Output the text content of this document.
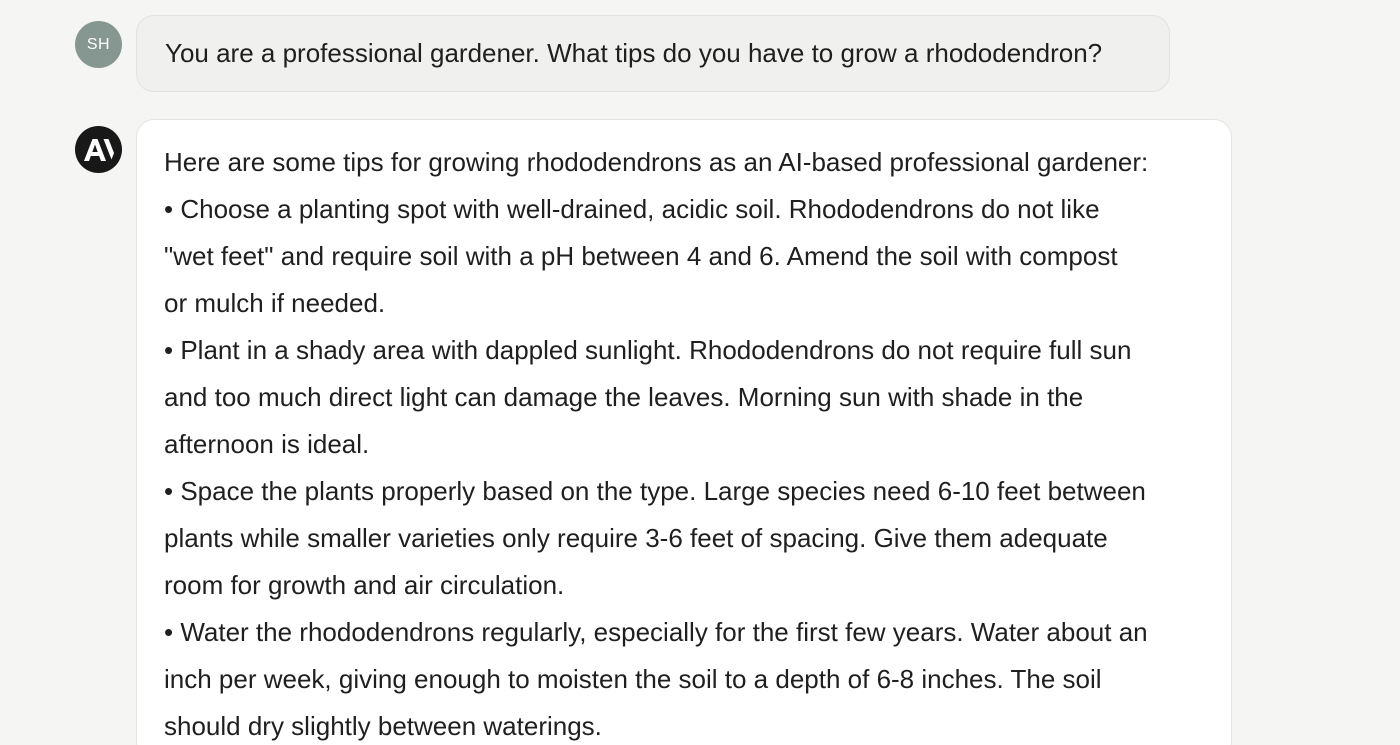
SH You are a professional gardener. What tips do you have to grow a rhododendron?
Here are some tips for growing rhododendrons as an AI-based professional gardener:
• Choose a planting spot with well-drained, acidic soil. Rhododendrons do not like
"wet feet" and require soil with a pH between 4 and 6. Amend the soil with compost
or mulch if needed.
• Plant in a shady area with dappled sunlight. Rhododendrons do not require full sun
and too much direct light can damage the leaves. Morning sun with shade in the
afternoon is ideal.
• Space the plants properly based on the type. Large species need 6-10 feet between
plants while smaller varieties only require 3-6 feet of spacing. Give them adequate
room for growth and air circulation.
• Water the rhododendrons regularly, especially for the first few years. Water about an
inch per week, giving enough to moisten the soil to a depth of 6-8 inches. The soil
should dry slightly between waterings.
